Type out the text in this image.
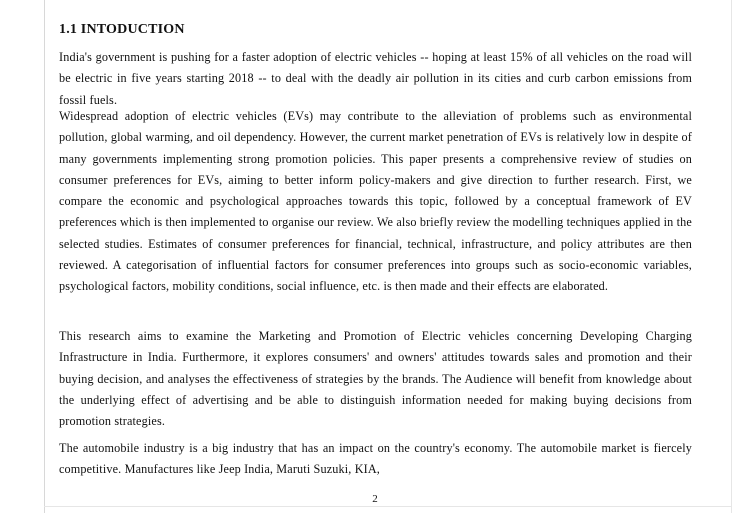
1.1 INTODUCTION

India's government is pushing for a faster adoption of electric vehicles -- hoping at least 15% of all vehicles on the road will be electric in five years starting 2018 -- to deal with the deadly air pollution in its cities and curb carbon emissions from fossil fuels.

Widespread adoption of electric vehicles (EVs) may contribute to the alleviation of problems such as environmental pollution, global warming, and oil dependency. However, the current market penetration of EVs is relatively low in despite of many governments implementing strong promotion policies. This paper presents a comprehensive review of studies on consumer preferences for EVs, aiming to better inform policy-makers and give direction to further research. First, we compare the economic and psychological approaches towards this topic, followed by a conceptual framework of EV preferences which is then implemented to organise our review. We also briefly review the modelling techniques applied in the selected studies. Estimates of consumer preferences for financial, technical, infrastructure, and policy attributes are then reviewed. A categorisation of influential factors for consumer preferences into groups such as socio-economic variables, psychological factors, mobility conditions, social influence, etc. is then made and their effects are elaborated.

This research aims to examine the Marketing and Promotion of Electric vehicles concerning Developing Charging Infrastructure in India. Furthermore, it explores consumers' and owners' attitudes towards sales and promotion and their buying decision, and analyses the effectiveness of strategies by the brands. The Audience will benefit from knowledge about the underlying effect of advertising and be able to distinguish information needed for making buying decisions from promotion strategies.

The automobile industry is a big industry that has an impact on the country's economy. The automobile market is fiercely competitive. Manufactures like Jeep India, Maruti Suzuki, KIA,

2
